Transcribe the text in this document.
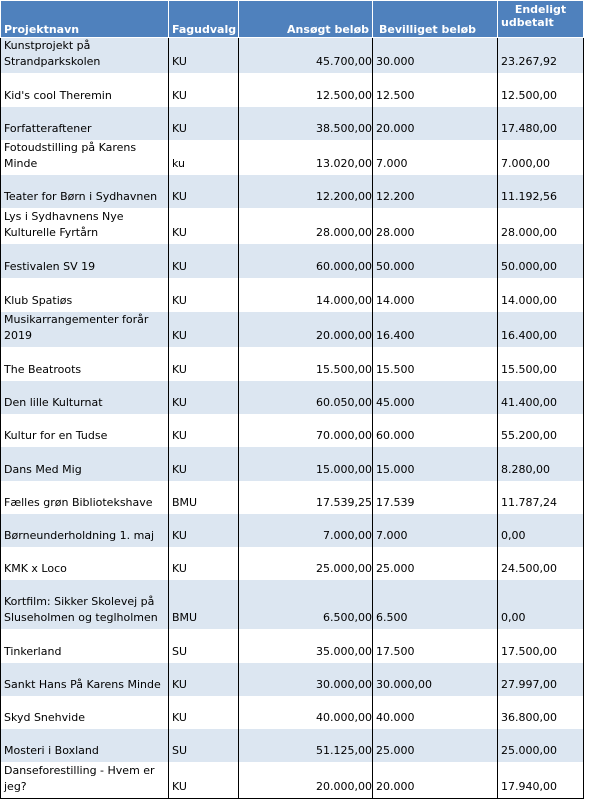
Projektnavn	Fagudvalg	Ansøgt beløb	Bevilliget beløb	Endeligt
udbetalt

Kunstprojekt på Strandparkskolen	KU	45.700,00	30.000	23.267,92
Kid's cool Theremin	KU	12.500,00	12.500	12.500,00
Forfatteraftener	KU	38.500,00	20.000	17.480,00
Fotoudstilling på Karens Minde	ku	13.020,00	7.000	7.000,00
Teater for Børn i Sydhavnen	KU	12.200,00	12.200	11.192,56
Lys i Sydhavnens Nye Kulturelle Fyrtårn	KU	28.000,00	28.000	28.000,00
Festivalen SV 19	KU	60.000,00	50.000	50.000,00
Klub Spatiøs	KU	14.000,00	14.000	14.000,00
Musikarrangementer forår 2019	KU	20.000,00	16.400	16.400,00
The Beatroots	KU	15.500,00	15.500	15.500,00
Den lille Kulturnat	KU	60.050,00	45.000	41.400,00
Kultur for en Tudse	KU	70.000,00	60.000	55.200,00
Dans Med Mig	KU	15.000,00	15.000	8.280,00
Fælles grøn Bibliotekshave	BMU	17.539,25	17.539	11.787,24
Børneunderholdning 1. maj	KU	7.000,00	7.000	0,00
KMK x Loco	KU	25.000,00	25.000	24.500,00
Kortfilm: Sikker Skolevej på Sluseholmen og teglholmen	BMU	6.500,00	6.500	0,00
Tinkerland	SU	35.000,00	17.500	17.500,00
Sankt Hans På Karens Minde	KU	30.000,00	30.000,00	27.997,00
Skyd Snehvide	KU	40.000,00	40.000	36.800,00
Mosteri i Boxland	SU	51.125,00	25.000	25.000,00
Danseforestilling - Hvem er jeg?	KU	20.000,00	20.000	17.940,00
